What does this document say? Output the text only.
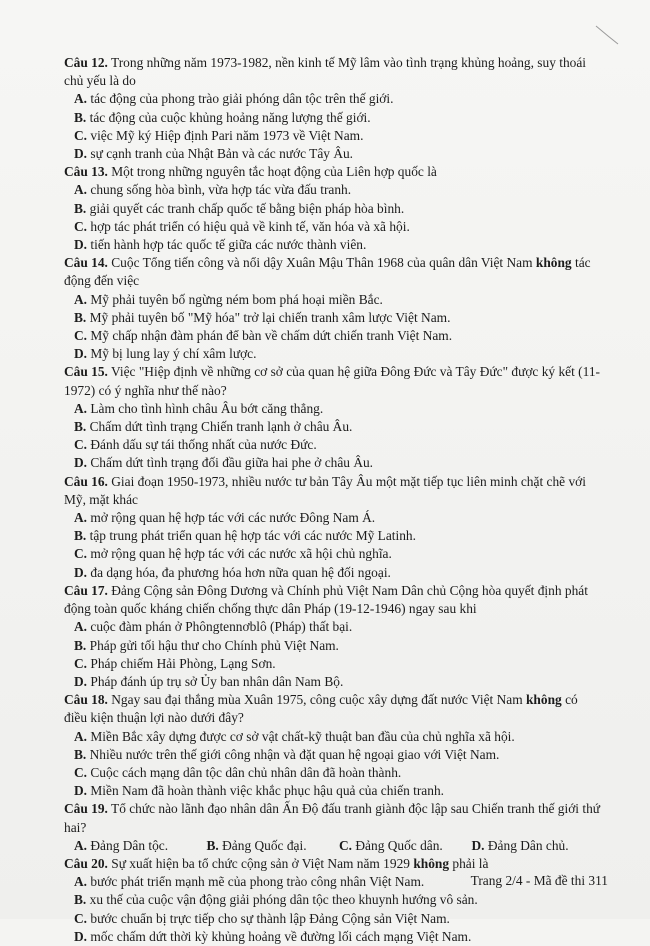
Câu 12. Trong những năm 1973-1982, nền kinh tế Mỹ lâm vào tình trạng khủng hoảng, suy thoái chủ yếu là do

A. tác động của phong trào giải phóng dân tộc trên thế giới.

B. tác động của cuộc khủng hoảng năng lượng thế giới.

C. việc Mỹ ký Hiệp định Pari năm 1973 về Việt Nam.

D. sự cạnh tranh của Nhật Bản và các nước Tây Âu.

Câu 13. Một trong những nguyên tắc hoạt động của Liên hợp quốc là

A. chung sống hòa bình, vừa hợp tác vừa đấu tranh.

B. giải quyết các tranh chấp quốc tế bằng biện pháp hòa bình.

C. hợp tác phát triển có hiệu quả về kinh tế, văn hóa và xã hội.

D. tiến hành hợp tác quốc tế giữa các nước thành viên.

Câu 14. Cuộc Tổng tiến công và nổi dậy Xuân Mậu Thân 1968 của quân dân Việt Nam không tác động đến việc

A. Mỹ phải tuyên bố ngừng ném bom phá hoại miền Bắc.

B. Mỹ phải tuyên bố "Mỹ hóa" trở lại chiến tranh xâm lược Việt Nam.

C. Mỹ chấp nhận đàm phán để bàn về chấm dứt chiến tranh Việt Nam.

D. Mỹ bị lung lay ý chí xâm lược.

Câu 15. Việc "Hiệp định về những cơ sở của quan hệ giữa Đông Đức và Tây Đức" được ký kết (11-1972) có ý nghĩa như thế nào?

A. Làm cho tình hình châu Âu bớt căng thẳng.

B. Chấm dứt tình trạng Chiến tranh lạnh ở châu Âu.

C. Đánh dấu sự tái thống nhất của nước Đức.

D. Chấm dứt tình trạng đối đầu giữa hai phe ở châu Âu.

Câu 16. Giai đoạn 1950-1973, nhiều nước tư bản Tây Âu một mặt tiếp tục liên minh chặt chẽ với Mỹ, mặt khác

A. mở rộng quan hệ hợp tác với các nước Đông Nam Á.

B. tập trung phát triển quan hệ hợp tác với các nước Mỹ Latinh.

C. mở rộng quan hệ hợp tác với các nước xã hội chủ nghĩa.

D. đa dạng hóa, đa phương hóa hơn nữa quan hệ đối ngoại.

Câu 17. Đảng Cộng sản Đông Dương và Chính phủ Việt Nam Dân chủ Cộng hòa quyết định phát động toàn quốc kháng chiến chống thực dân Pháp (19-12-1946) ngay sau khi

A. cuộc đàm phán ở Phôngtennơblô (Pháp) thất bại.

B. Pháp gửi tối hậu thư cho Chính phủ Việt Nam.

C. Pháp chiếm Hải Phòng, Lạng Sơn.

D. Pháp đánh úp trụ sở Ủy ban nhân dân Nam Bộ.

Câu 18. Ngay sau đại thắng mùa Xuân 1975, công cuộc xây dựng đất nước Việt Nam không có điều kiện thuận lợi nào dưới đây?

A. Miền Bắc xây dựng được cơ sở vật chất-kỹ thuật ban đầu của chủ nghĩa xã hội.

B. Nhiều nước trên thế giới công nhận và đặt quan hệ ngoại giao với Việt Nam.

C. Cuộc cách mạng dân tộc dân chủ nhân dân đã hoàn thành.

D. Miền Nam đã hoàn thành việc khắc phục hậu quả của chiến tranh.

Câu 19. Tổ chức nào lãnh đạo nhân dân Ấn Độ đấu tranh giành độc lập sau Chiến tranh thế giới thứ hai?

A. Đảng Dân tộc.	B. Đảng Quốc đại.	C. Đảng Quốc dân.	D. Đảng Dân chủ.

Câu 20. Sự xuất hiện ba tổ chức cộng sản ở Việt Nam năm 1929 không phải là

A. bước phát triển mạnh mẽ của phong trào công nhân Việt Nam.

B. xu thế của cuộc vận động giải phóng dân tộc theo khuynh hướng vô sản.

C. bước chuẩn bị trực tiếp cho sự thành lập Đảng Cộng sản Việt Nam.

D. mốc chấm dứt thời kỳ khủng hoảng về đường lối cách mạng Việt Nam.

Trang 2/4 - Mã đề thi 311
